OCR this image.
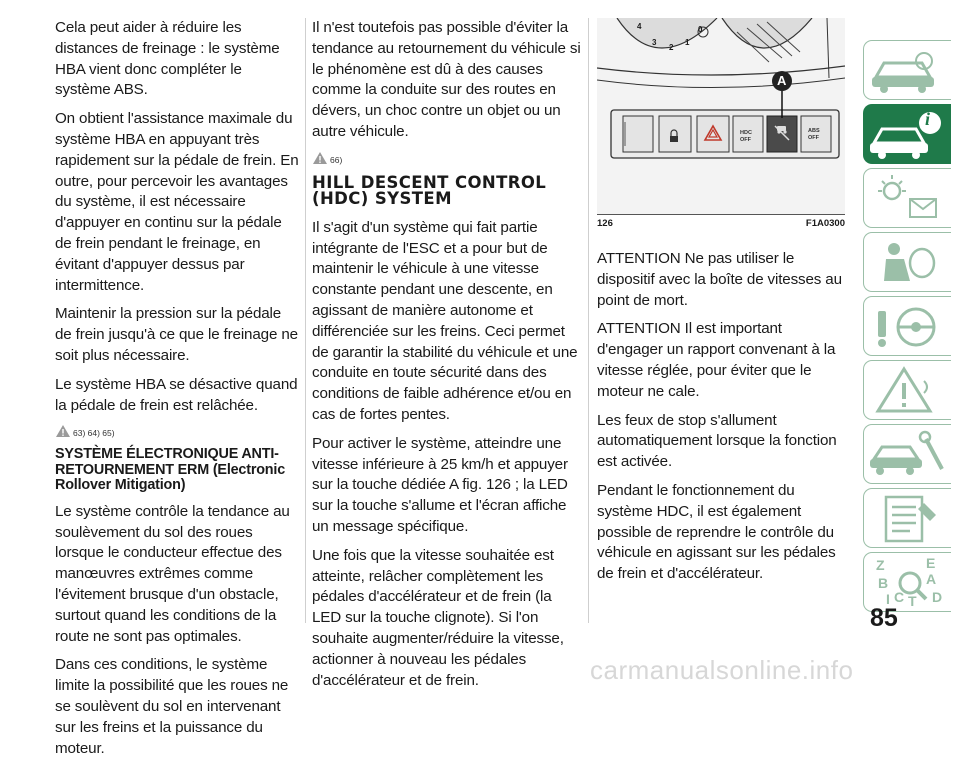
Cela peut aider à réduire les distances de freinage : le système HBA vient donc compléter le système ABS.

On obtient l'assistance maximale du système HBA en appuyant très rapidement sur la pédale de frein. En outre, pour percevoir les avantages du système, il est nécessaire d'appuyer en continu sur la pédale de frein pendant le freinage, en évitant d'appuyer dessus par intermittence.

Maintenir la pression sur la pédale de frein jusqu'à ce que le freinage ne soit plus nécessaire.

Le système HBA se désactive quand la pédale de frein est relâchée.

63) 64) 65)
SYSTÈME ÉLECTRONIQUE ANTI-RETOURNEMENT ERM (Electronic Rollover Mitigation)

Le système contrôle la tendance au soulèvement du sol des roues lorsque le conducteur effectue des manœuvres extrêmes comme l'évitement brusque d'un obstacle, surtout quand les conditions de la route ne sont pas optimales.

Dans ces conditions, le système limite la possibilité que les roues ne se soulèvent du sol en intervenant sur les freins et la puissance du moteur.

Il n'est toutefois pas possible d'éviter la tendance au retournement du véhicule si le phénomène est dû à des causes comme la conduite sur des routes en dévers, un choc contre un objet ou un autre véhicule.

66)
HILL DESCENT CONTROL (HDC) SYSTEM

Il s'agit d'un système qui fait partie intégrante de l'ESC et a pour but de maintenir le véhicule à une vitesse constante pendant une descente, en agissant de manière autonome et différenciée sur les freins. Ceci permet de garantir la stabilité du véhicule et une conduite en toute sécurité dans des conditions de faible adhérence et/ou en cas de fortes pentes.

Pour activer le système, atteindre une vitesse inférieure à 25 km/h et appuyer sur la touche dédiée A fig. 126 ; la LED sur la touche s'allume et l'écran affiche un message spécifique.

Une fois que la vitesse souhaitée est atteinte, relâcher complètement les pédales d'accélérateur et de frein (la LED sur la touche clignote). Si l'on souhaite augmenter/réduire la vitesse, actionner à nouveau les pédales d'accélérateur et de frein.

4
3
2
1
0
A
HDC
OFF
ABS
OFF
126	F1A0300

ATTENTION Ne pas utiliser le dispositif avec la boîte de vitesses au point de mort.

ATTENTION Il est important d'engager un rapport convenant à la vitesse réglée, pour éviter que le moteur ne cale.

Les feux de stop s'allument automatiquement lorsque la fonction est activée.

Pendant le fonctionnement du système HDC, il est également possible de reprendre le contrôle du véhicule en agissant sur les pédales de frein et d'accélérateur.

i
Z	E
B	A
C T D
I
85
carmanualsonline.info
